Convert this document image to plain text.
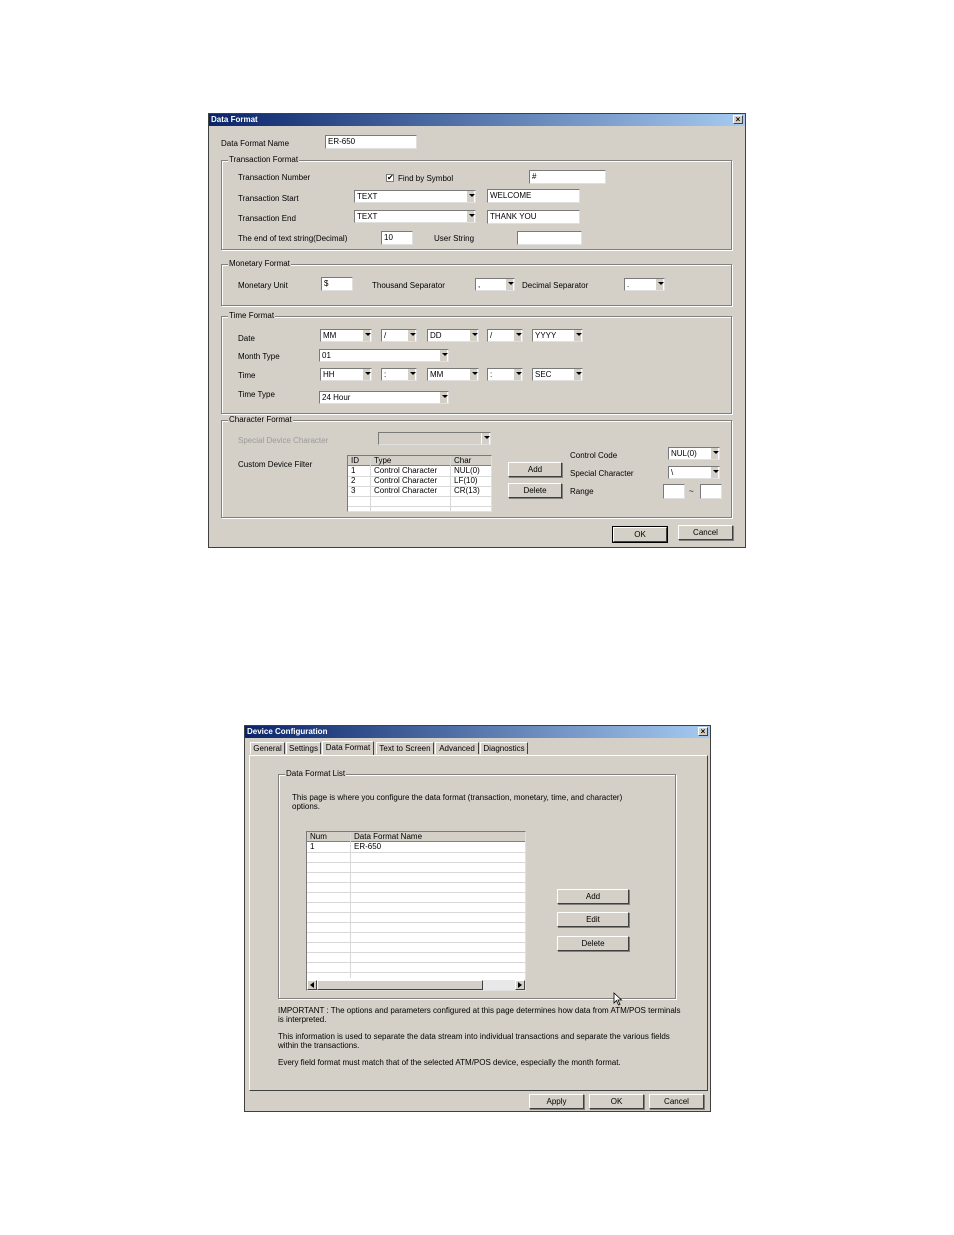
Data Format	×
Data Format Name	ER-650
Transaction Format
Transaction Number	✔ Find by Symbol	#
Transaction Start	TEXT	WELCOME
Transaction End	TEXT	THANK YOU
The end of text string(Decimal)	10	User String
Monetary Format
Monetary Unit	$	Thousand Separator	,	Decimal Separator	.
Time Format
Date	MM	/	DD	/	YYYY
Month Type	01
Time	HH	:	MM	:	SEC
Time Type	24 Hour
Character Format
Special Device Character
Custom Device Filter	ID	Type	Char
1	Control Character	NUL(0)
2	Control Character	LF(10)
3	Control Character	CR(13)
Add
Delete
Control Code	NUL(0)
Special Character	\
Range	~
OK	Cancel
Device Configuration	×
General Settings Data Format	Text to Screen	Advanced	Diagnostics
Data Format List
This page is where you configure the data format (transaction, monetary, time, and character) options.
Num	Data Format Name
1	ER-650
Add
Edit
Delete
IMPORTANT : The options and parameters configured at this page determines how data from ATM/POS terminals is interpreted.
This information is used to separate the data stream into individual transactions and separate the various fields within the transactions.
Every field format must match that of the selected ATM/POS device, especially the month format.
Apply	OK	Cancel
